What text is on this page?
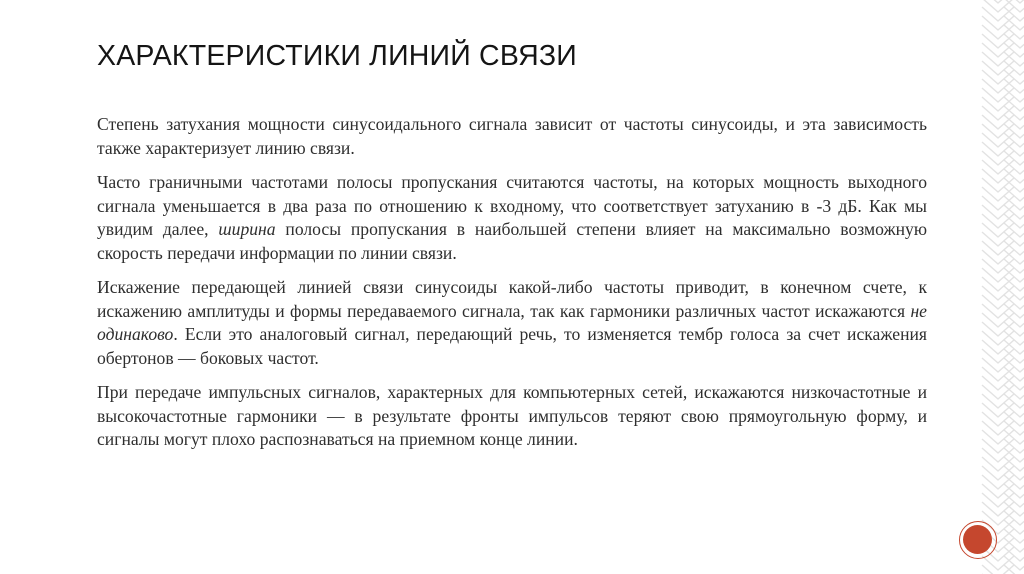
ХАРАКТЕРИСТИКИ ЛИНИЙ СВЯЗИ

Степень затухания мощности синусоидального сигнала зависит от частоты синусоиды, и эта зависимость также характеризует линию связи.

Часто граничными частотами полосы пропускания считаются частоты, на которых мощность выходного сигнала уменьшается в два раза по отношению к входному, что соответствует затуханию в -3 дБ. Как мы увидим далее, ширина полосы пропускания в наибольшей степени влияет на максимально возможную скорость передачи информации по линии связи.

Искажение передающей линией связи синусоиды какой-либо частоты приводит, в конечном счете, к искажению амплитуды и формы передаваемого сигнала, так как гармоники различных частот искажаются не одинаково. Если это аналоговый сигнал, передающий речь, то изменяется тембр голоса за счет искажения обертонов — боковых частот.

При передаче импульсных сигналов, характерных для компьютерных сетей, искажаются низкочастотные и высокочастотные гармоники — в результате фронты импульсов теряют свою прямоугольную форму, и сигналы могут плохо распознаваться на приемном конце линии.
